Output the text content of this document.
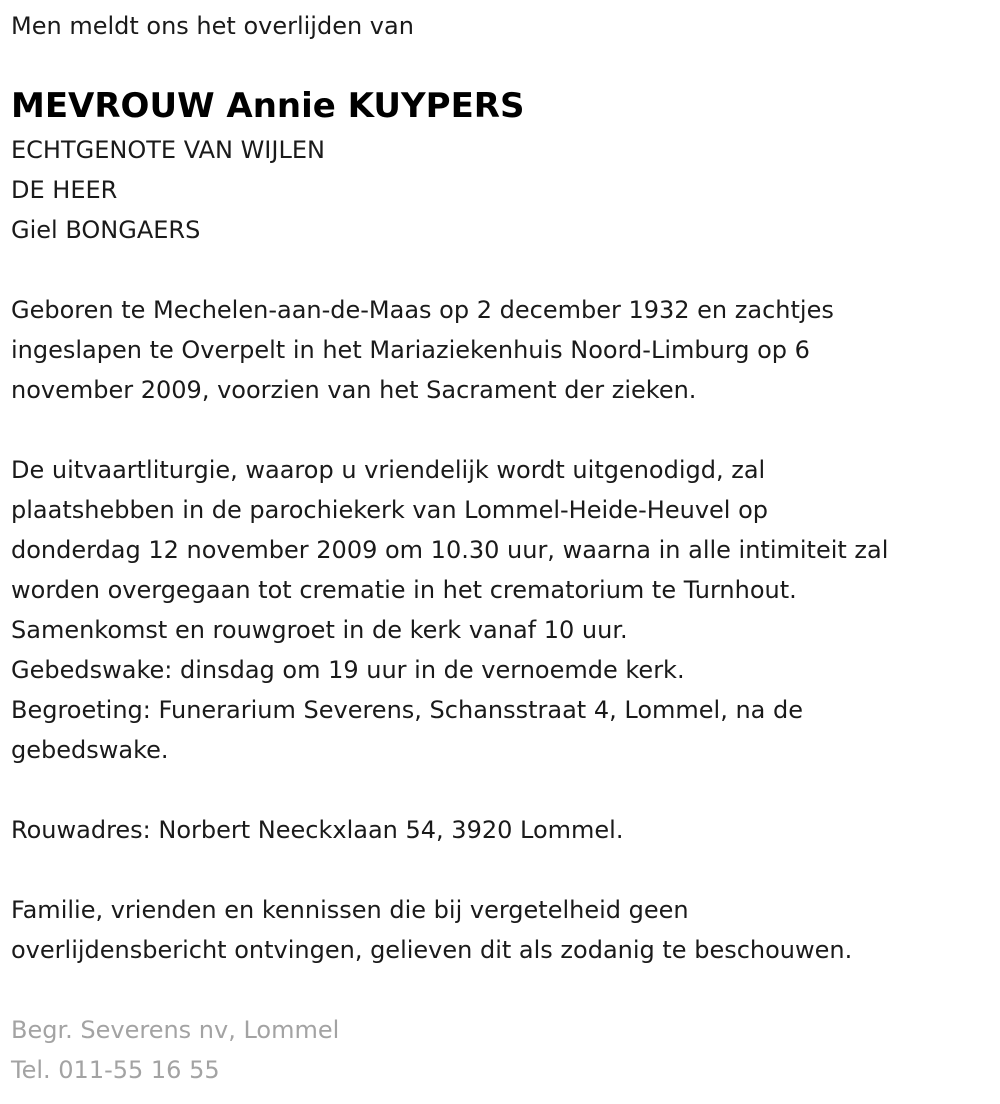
Men meldt ons het overlijden van
MEVROUW Annie KUYPERS
ECHTGENOTE VAN WIJLEN
DE HEER
Giel BONGAERS
Geboren te Mechelen-aan-de-Maas op 2 december 1932 en zachtjes
ingeslapen te Overpelt in het Mariaziekenhuis Noord-Limburg op 6
november 2009, voorzien van het Sacrament der zieken.
De uitvaartliturgie, waarop u vriendelijk wordt uitgenodigd, zal
plaatshebben in de parochiekerk van Lommel-Heide-Heuvel op
donderdag 12 november 2009 om 10.30 uur, waarna in alle intimiteit zal
worden overgegaan tot crematie in het crematorium te Turnhout.
Samenkomst en rouwgroet in de kerk vanaf 10 uur.
Gebedswake: dinsdag om 19 uur in de vernoemde kerk.
Begroeting: Funerarium Severens, Schansstraat 4, Lommel, na de
gebedswake.
Rouwadres: Norbert Neeckxlaan 54, 3920 Lommel.
Familie, vrienden en kennissen die bij vergetelheid geen
overlijdensbericht ontvingen, gelieven dit als zodanig te beschouwen.
Begr. Severens nv, Lommel
Tel. 011-55 16 55
